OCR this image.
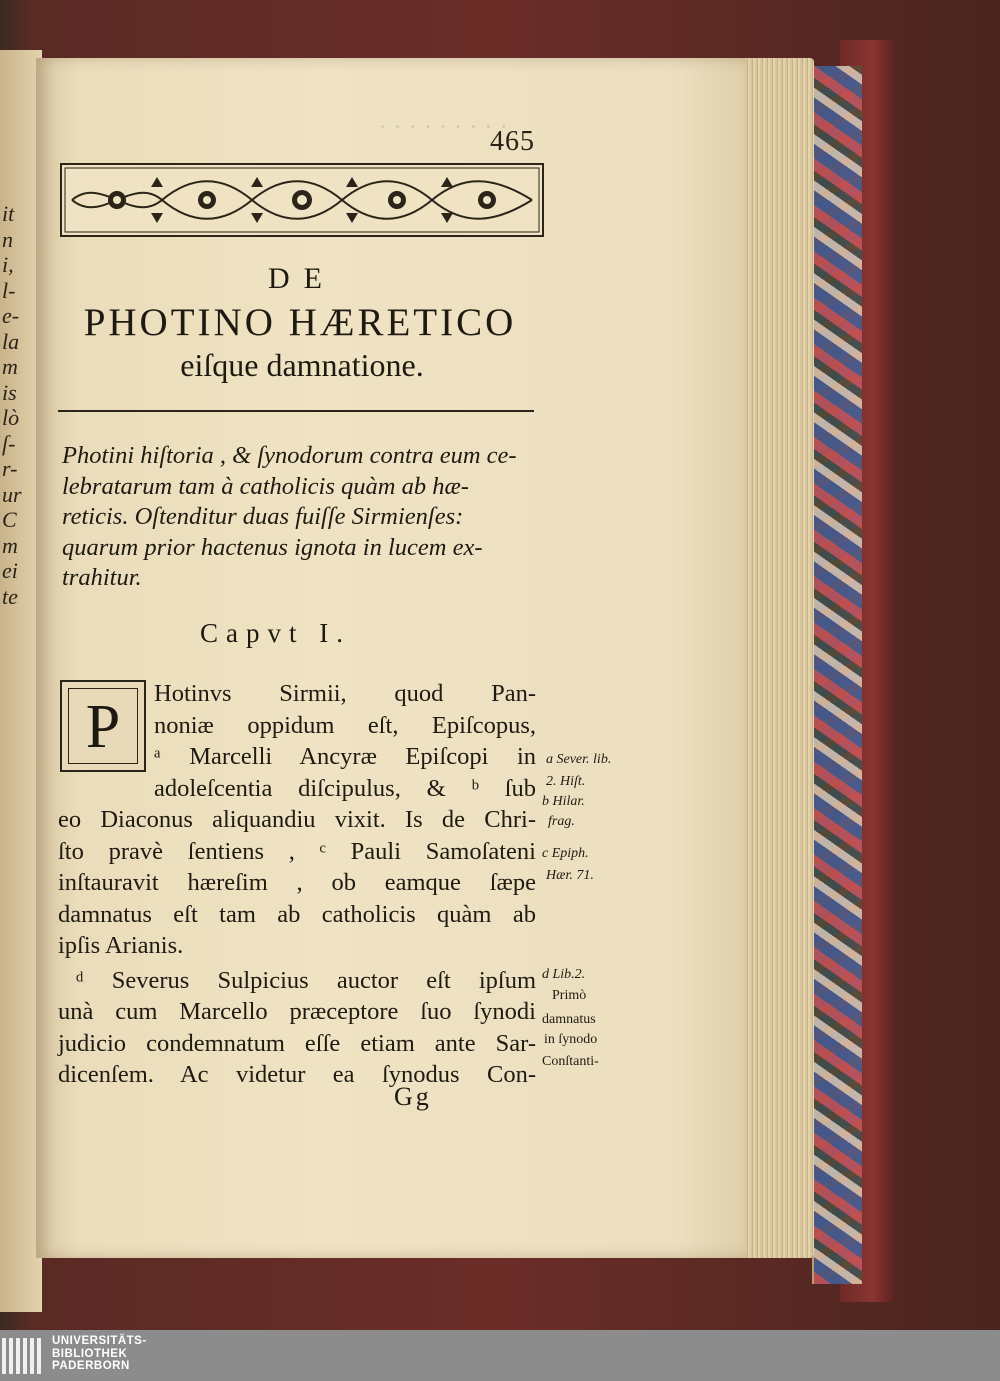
it
n
i,
l-
e-
la
m
is
lò
ſ-
r-
ur
C
m
ei
te
· · · · · · · · ·
465
DE
PHOTINO HÆRETICO
eiſque damnatione.
Photini hiſtoria , & ſynodorum contra eum ce-
lebratarum tam à catholicis quàm ab hæ-
reticis. Oſtenditur duas fuiſſe Sirmienſes:
quarum prior hactenus ignota in lucem ex-
trahitur.
Capvt I.
P	Hotinvs Sirmii, quod Pan-
noniæ oppidum eſt, Epiſcopus,
ᵃ Marcelli Ancyræ Epiſcopi in
adoleſcentia diſcipulus, & ᵇ ſub
eo Diaconus aliquandiu vixit. Is de Chri-
ſto pravè ſentiens , ᶜ Pauli Samoſateni
inſtauravit hæreſim , ob eamque ſæpe
damnatus eſt tam ab catholicis quàm ab
ipſis Arianis.
ᵈ Severus Sulpicius auctor eſt ipſum
unà cum Marcello præceptore ſuo ſynodi
judicio condemnatum eſſe etiam ante Sar-
dicenſem. Ac videtur ea ſynodus Con-
a Sever. lib.
2. Hiſt.
b Hilar.
frag.
c Epiph.
Hær. 71.
d Lib.2.
Primò
damnatus
in ſynodo
Conſtanti-
Gg
UNIVERSITÄTS-
BIBLIOTHEK
PADERBORN
